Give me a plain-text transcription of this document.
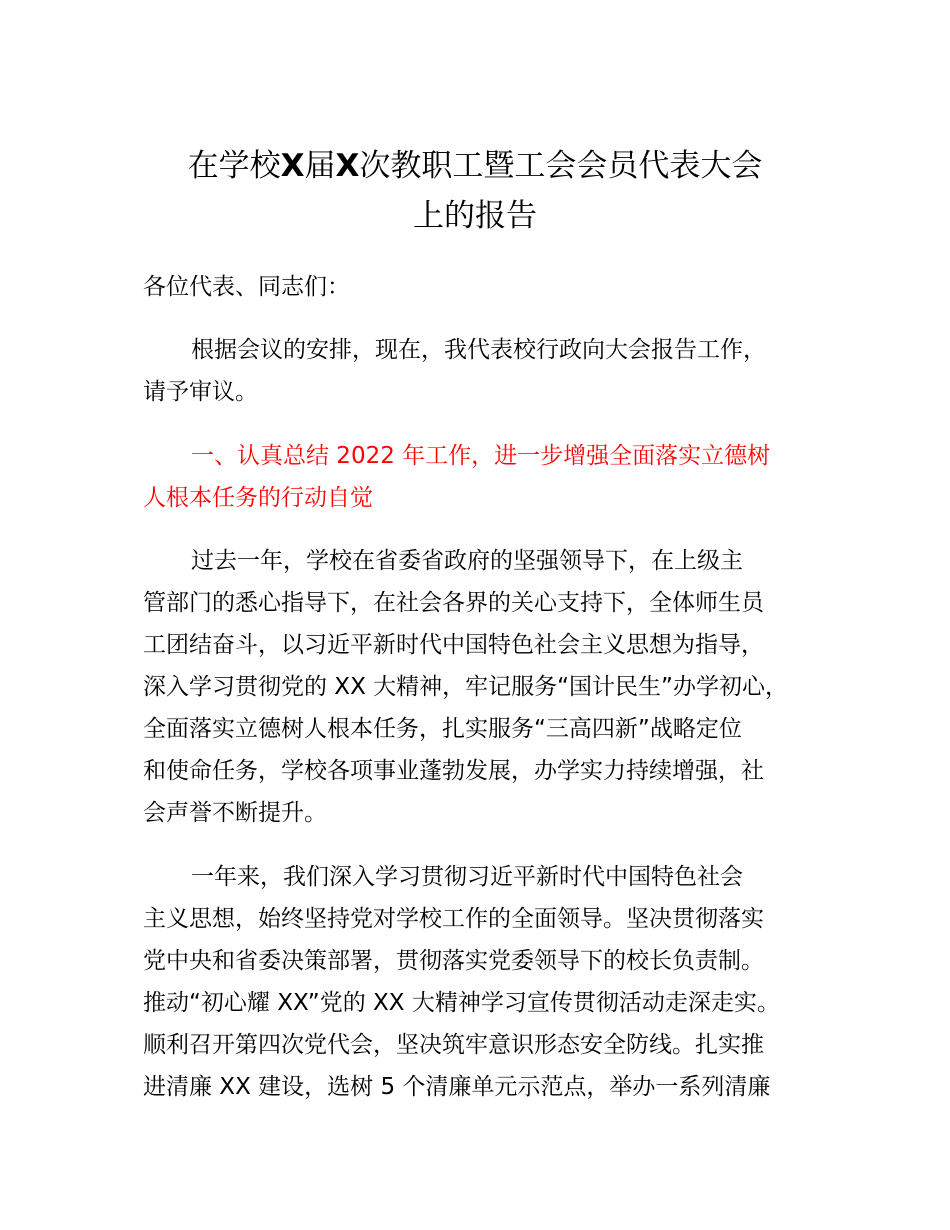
在学校X届X次教职工暨工会会员代表大会
上的报告

各位代表、同志们：

根据会议的安排，现在，我代表校行政向大会报告工作，

请予审议。

一、认真总结 2022 年工作，进一步增强全面落实立德树

人根本任务的行动自觉

过去一年，学校在省委省政府的坚强领导下，在上级主

管部门的悉心指导下，在社会各界的关心支持下，全体师生员

工团结奋斗，以习近平新时代中国特色社会主义思想为指导，

深入学习贯彻党的 XX 大精神，牢记服务“国计民生”办学初心，

全面落实立德树人根本任务，扎实服务“三高四新”战略定位

和使命任务，学校各项事业蓬勃发展，办学实力持续增强，社

会声誉不断提升。

一年来，我们深入学习贯彻习近平新时代中国特色社会

主义思想，始终坚持党对学校工作的全面领导。坚决贯彻落实

党中央和省委决策部署，贯彻落实党委领导下的校长负责制。

推动“初心耀 XX”党的 XX 大精神学习宣传贯彻活动走深走实。

顺利召开第四次党代会，坚决筑牢意识形态安全防线。扎实推

进清廉 XX 建设，选树 5 个清廉单元示范点，举办一系列清廉
